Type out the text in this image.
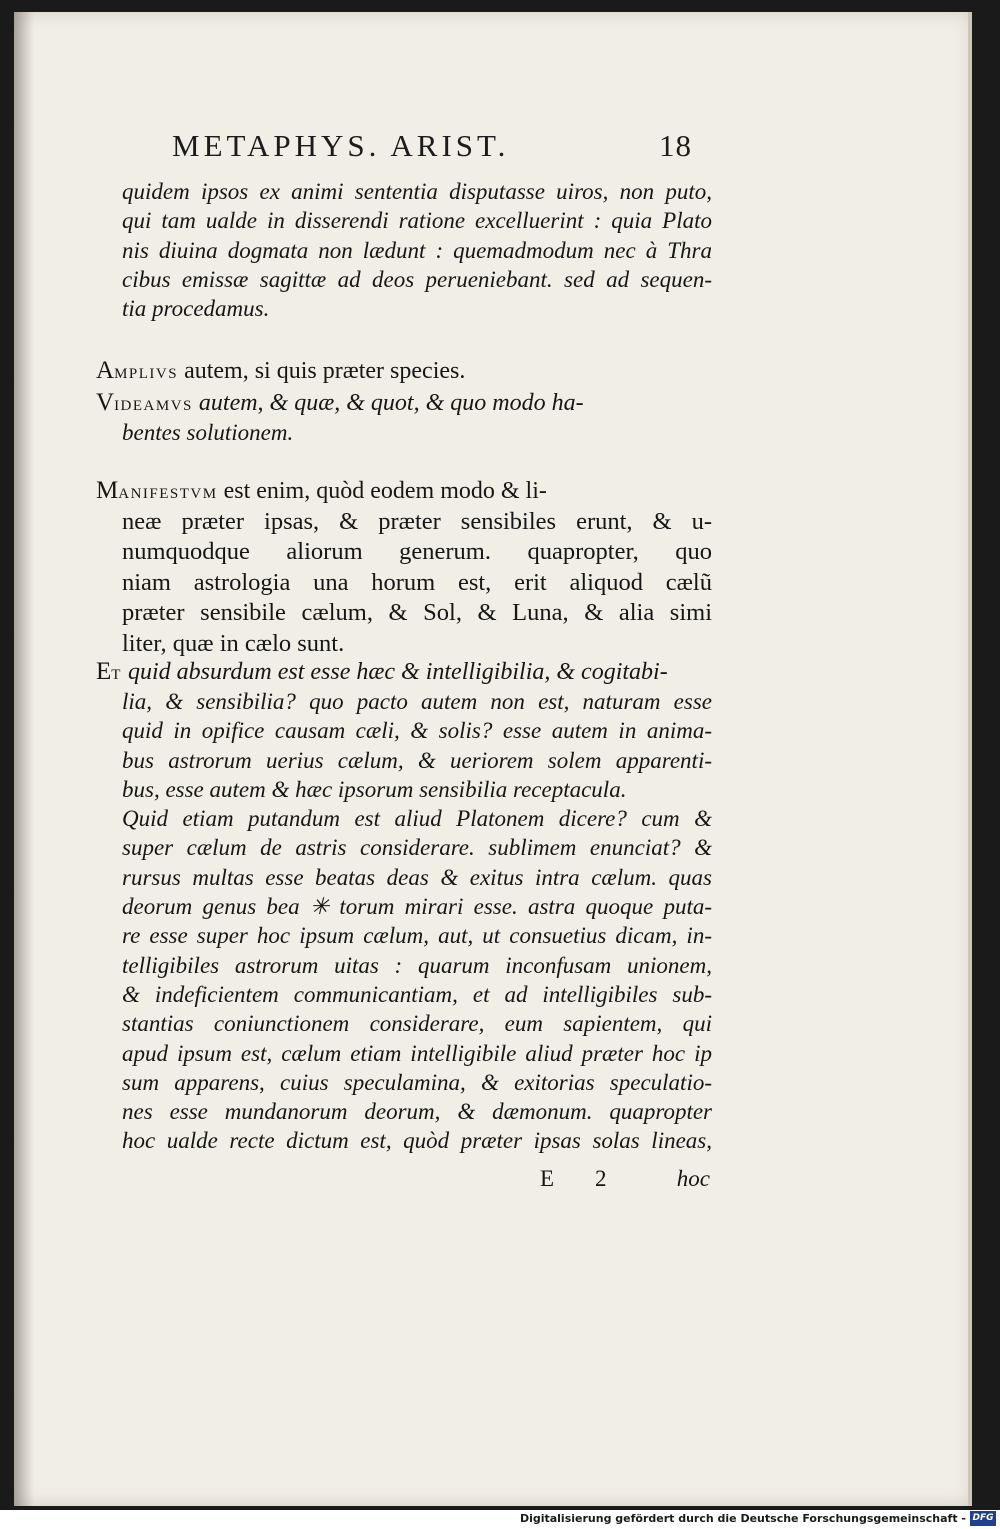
METAPHYS. ARIST.	18
quidem ipsos ex animi sententia disputasse uiros, non puto,
qui tam ualde in disserendi ratione excelluerint : quia Plato
nis diuina dogmata non lædunt : quemadmodum nec à Thra
cibus emissæ sagittæ ad deos perueniebant. sed ad sequen-
tia procedamus.
AMPLIVS autem, si quis præter species.
VIDEAMVS autem, & quæ, & quot, & quo modo ha-
bentes solutionem.
MANIFESTVM est enim, quòd eodem modo & li-
neæ præter ipsas, & præter sensibiles erunt, & u-
numquodque aliorum generum. quapropter, quo
niam astrologia una horum est, erit aliquod cælũ
præter sensibile cælum, & Sol, & Luna, & alia simi
liter, quæ in cælo sunt.
ET quid absurdum est esse hæc & intelligibilia, & cogitabi-
lia, & sensibilia? quo pacto autem non est, naturam esse
quid in opifice causam cæli, & solis? esse autem in anima-
bus astrorum uerius cælum, & ueriorem solem apparenti-
bus, esse autem & hæc ipsorum sensibilia receptacula.
Quid etiam putandum est aliud Platonem dicere? cum &
super cælum de astris considerare. sublimem enunciat? &
rursus multas esse beatas deas & exitus intra cælum. quas
deorum genus bea ✳ torum mirari esse. astra quoque puta-
re esse super hoc ipsum cælum, aut, ut consuetius dicam, in-
telligibiles astrorum uitas : quarum inconfusam unionem,
& indeficientem communicantiam, et ad intelligibiles sub-
stantias coniunctionem considerare, eum sapientem, qui
apud ipsum est, cælum etiam intelligibile aliud præter hoc ip
sum apparens, cuius speculamina, & exitorias speculatio-
nes esse mundanorum deorum, & dæmonum. quapropter
hoc ualde recte dictum est, quòd præter ipsas solas lineas,
E 2	hoc
Digitalisierung gefördert durch die Deutsche Forschungsgemeinschaft - DFG
